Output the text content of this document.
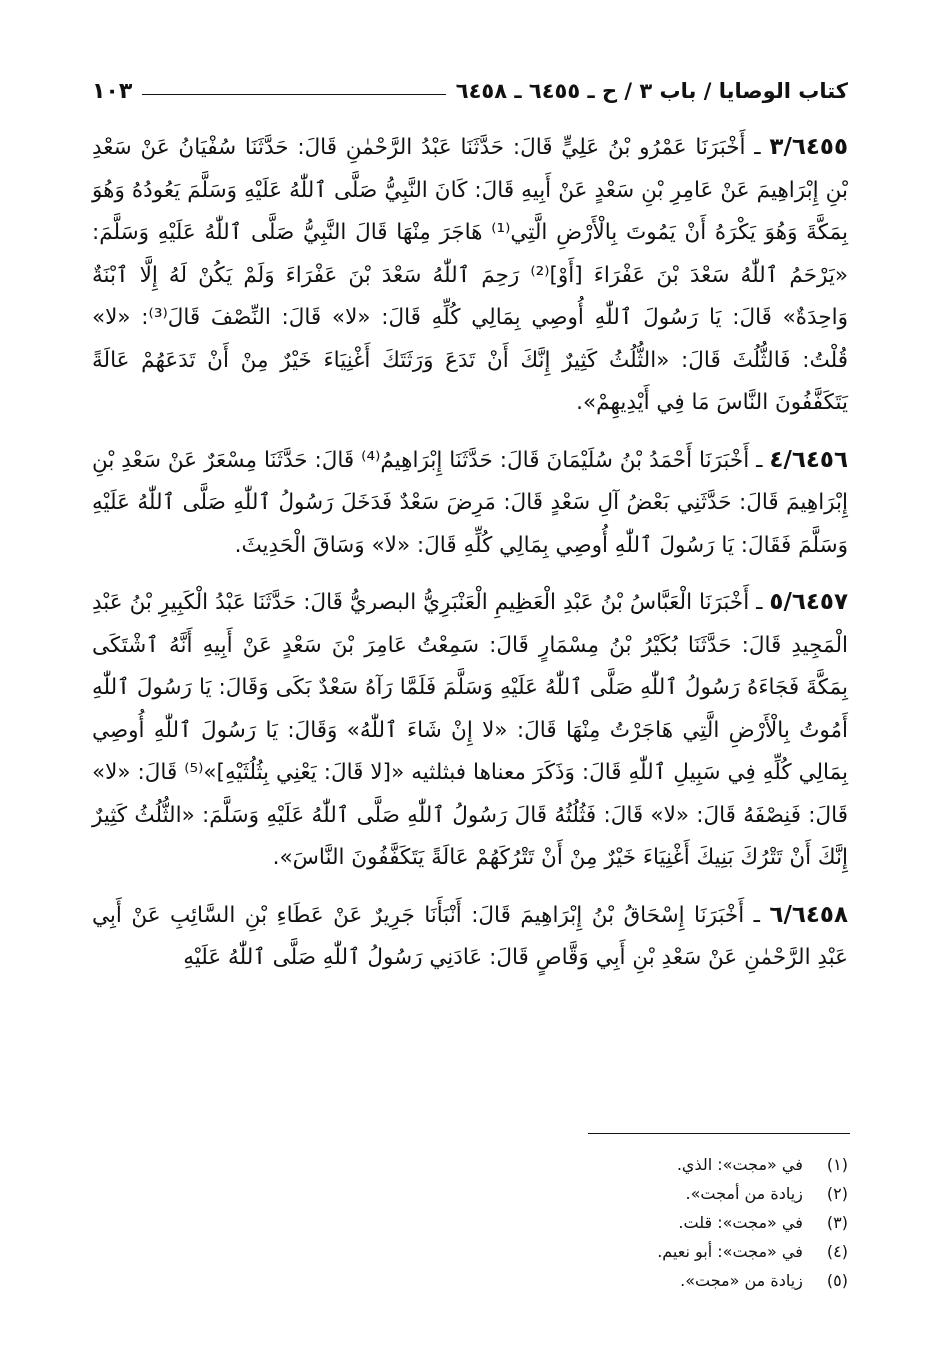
كتاب الوصايا / باب ٣ / ح ـ ٦٤٥٥ ـ ٦٤٥٨
١٠٣

٣/٦٤٥٥ ـ أَخْبَرَنَا عَمْرُو بْنُ عَلِيٍّ قَالَ: حَدَّثَنَا عَبْدُ الرَّحْمٰنِ قَالَ: حَدَّثَنَا سُفْيَانُ عَنْ سَعْدِ بْنِ إِبْرَاهِيمَ عَنْ عَامِرِ بْنِ سَعْدٍ عَنْ أَبِيهِ قَالَ: كَانَ النَّبِيُّ صَلَّى ٱللّٰهُ عَلَيْهِ وَسَلَّمَ يَعُودُهُ وَهُوَ بِمَكَّةَ وَهُوَ يَكْرَهُ أَنْ يَمُوتَ بِالْأَرْضِ الَّتِي⁽¹⁾ هَاجَرَ مِنْهَا قَالَ النَّبِيُّ صَلَّى ٱللّٰهُ عَلَيْهِ وَسَلَّمَ: «يَرْحَمُ ٱللّٰهُ سَعْدَ بْنَ عَفْرَاءَ [أَوْ]⁽²⁾ رَحِمَ ٱللّٰهُ سَعْدَ بْنَ عَفْرَاءَ وَلَمْ يَكُنْ لَهُ إِلَّا ٱبْنَةٌ وَاحِدَةٌ» قَالَ: يَا رَسُولَ ٱللّٰهِ أُوصِي بِمَالِي كُلِّهِ قَالَ: «لا» قَالَ: النِّصْفَ قَالَ⁽³⁾: «لا» قُلْتُ: فَالثُّلُثَ قَالَ: «الثُّلُثُ كَثِيرٌ إِنَّكَ أَنْ تَدَعَ وَرَثَتَكَ أَغْنِيَاءَ خَيْرٌ مِنْ أَنْ تَدَعَهُمْ عَالَةً يَتَكَفَّفُونَ النَّاسَ مَا فِي أَيْدِيهِمْ».

٤/٦٤٥٦ ـ أَخْبَرَنَا أَحْمَدُ بْنُ سُلَيْمَانَ قَالَ: حَدَّثَنَا إِبْرَاهِيمُ⁽⁴⁾ قَالَ: حَدَّثَنَا مِسْعَرٌ عَنْ سَعْدِ بْنِ إِبْرَاهِيمَ قَالَ: حَدَّثَنِي بَعْضُ آلِ سَعْدٍ قَالَ: مَرِضَ سَعْدٌ فَدَخَلَ رَسُولُ ٱللّٰهِ صَلَّى ٱللّٰهُ عَلَيْهِ وَسَلَّمَ فَقَالَ: يَا رَسُولَ ٱللّٰهِ أُوصِي بِمَالِي كُلِّهِ قَالَ: «لا» وَسَاقَ الْحَدِيثَ.

٥/٦٤٥٧ ـ أَخْبَرَنَا الْعَبَّاسُ بْنُ عَبْدِ الْعَظِيمِ الْعَنْبَرِيُّ البصريُّ قَالَ: حَدَّثَنَا عَبْدُ الْكَبِيرِ بْنُ عَبْدِ الْمَجِيدِ قَالَ: حَدَّثَنَا بُكَيْرُ بْنُ مِسْمَارٍ قَالَ: سَمِعْتُ عَامِرَ بْنَ سَعْدٍ عَنْ أَبِيهِ أَنَّهُ ٱشْتَكَى بِمَكَّةَ فَجَاءَهُ رَسُولُ ٱللّٰهِ صَلَّى ٱللّٰهُ عَلَيْهِ وَسَلَّمَ فَلَمَّا رَآهُ سَعْدٌ بَكَى وَقَالَ: يَا رَسُولَ ٱللّٰهِ أَمُوتُ بِالْأَرْضِ الَّتِي هَاجَرْتُ مِنْهَا قَالَ: «لا إِنْ شَاءَ ٱللّٰهُ» وَقَالَ: يَا رَسُولَ ٱللّٰهِ أُوصِي بِمَالِي كُلِّهِ فِي سَبِيلِ ٱللّٰهِ قَالَ: وَذَكَرَ معناها فبثلثيه «[لا قَالَ: يَعْنِي بِثُلُثَيْهِ]»⁽⁵⁾ قَالَ: «لا» قَالَ: فَنِصْفَهُ قَالَ: «لا» قَالَ: فَثُلُثُهُ قَالَ رَسُولُ ٱللّٰهِ صَلَّى ٱللّٰهُ عَلَيْهِ وَسَلَّمَ: «الثُّلُثُ كَثِيرٌ إِنَّكَ أَنْ تَتْرُكَ بَنِيكَ أَغْنِيَاءَ خَيْرٌ مِنْ أَنْ تَتْرُكَهُمْ عَالَةً يَتَكَفَّفُونَ النَّاسَ».

٦/٦٤٥٨ ـ أَخْبَرَنَا إِسْحَاقُ بْنُ إِبْرَاهِيمَ قَالَ: أَنْبَأَنَا جَرِيرٌ عَنْ عَطَاءِ بْنِ السَّائِبِ عَنْ أَبِي عَبْدِ الرَّحْمٰنِ عَنْ سَعْدِ بْنِ أَبِي وَقَّاصٍ قَالَ: عَادَنِي رَسُولُ ٱللّٰهِ صَلَّى ٱللّٰهُ عَلَيْهِ

(١) في «مجت»: الذي.
(٢) زيادة من أمجت».
(٣) في «مجت»: قلت.
(٤) في «مجت»: أبو نعيم.
(٥) زيادة من «مجت».
